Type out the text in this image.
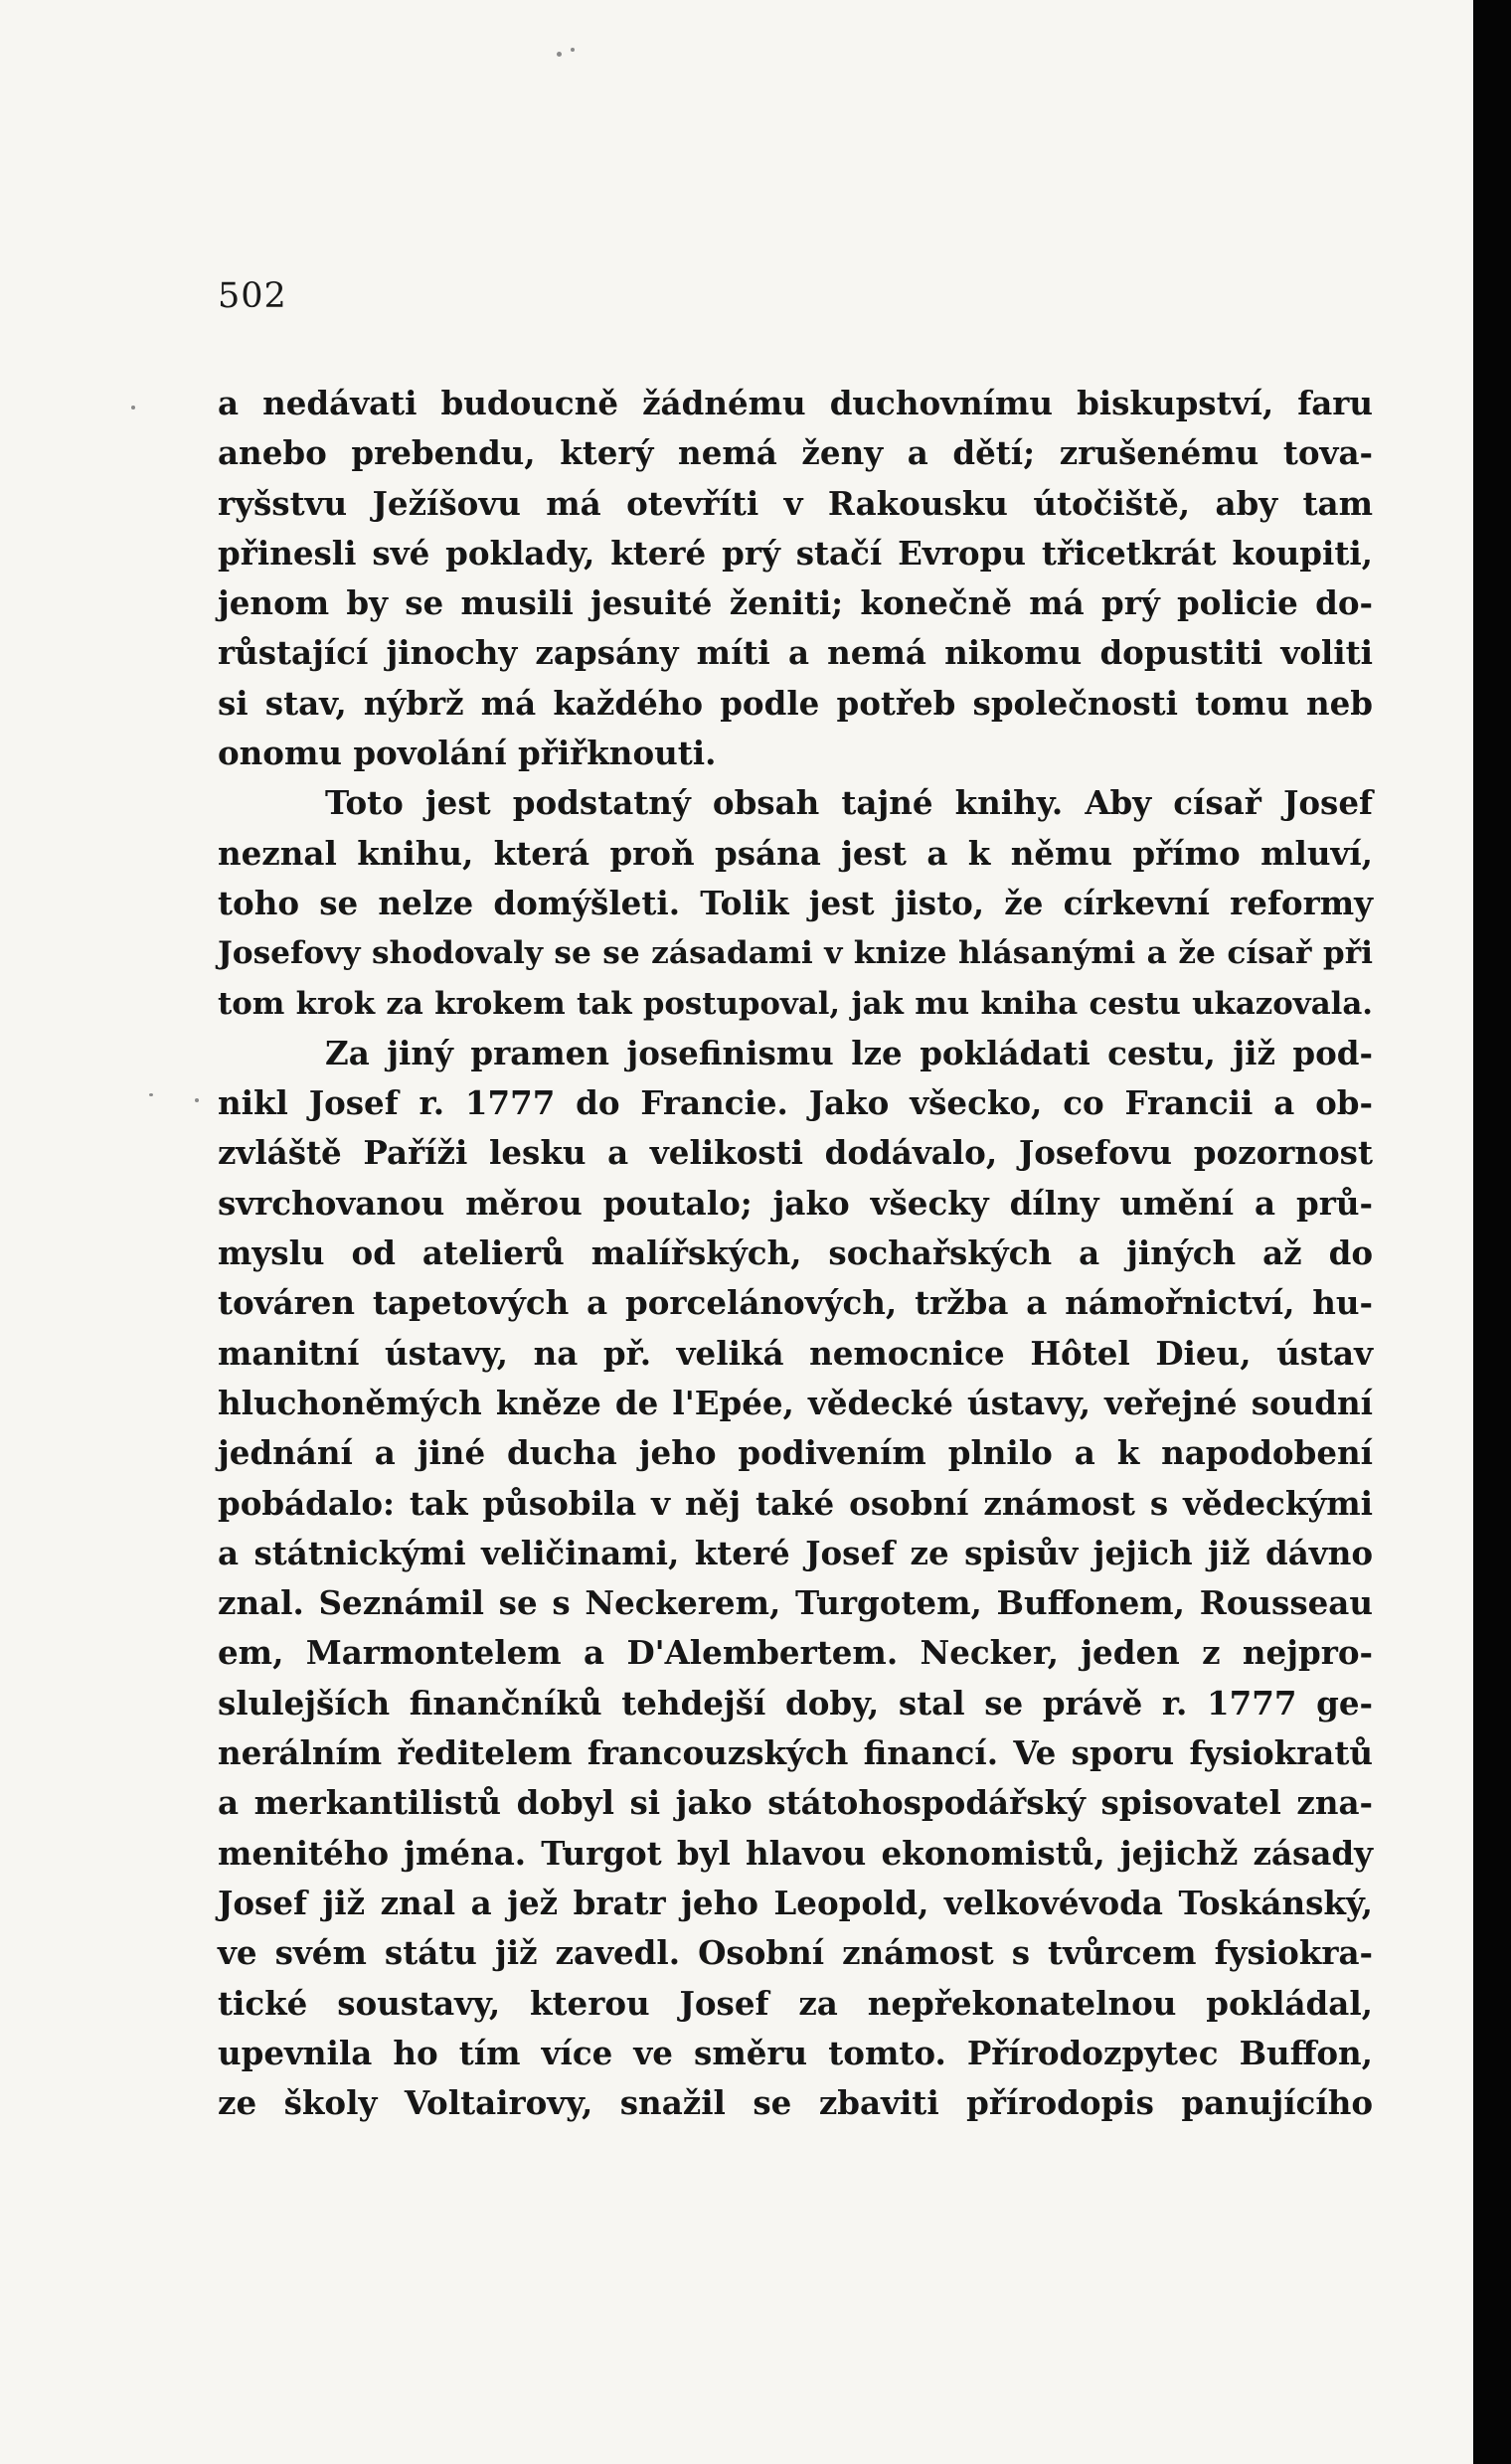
502
a nedávati budoucně žádnému duchovnímu biskupství, faru
anebo prebendu, který nemá ženy a dětí; zrušenému tova-
ryšstvu Ježíšovu má otevříti v Rakousku útočiště, aby tam
přinesli své poklady, které prý stačí Evropu třicetkrát koupiti,
jenom by se musili jesuité ženiti; konečně má prý policie do-
růstající jinochy zapsány míti a nemá nikomu dopustiti voliti
si stav, nýbrž má každého podle potřeb společnosti tomu neb
onomu povolání přiřknouti.
Toto jest podstatný obsah tajné knihy. Aby císař Josef
neznal knihu, která proň psána jest a k němu přímo mluví,
toho se nelze domýšleti. Tolik jest jisto, že církevní reformy
Josefovy shodovaly se se zásadami v knize hlásanými a že císař při
tom krok za krokem tak postupoval, jak mu kniha cestu ukazovala.
Za jiný pramen josefinismu lze pokládati cestu, již pod-
nikl Josef r. 1777 do Francie. Jako všecko, co Francii a ob-
zvláště Paříži lesku a velikosti dodávalo, Josefovu pozornost
svrchovanou měrou poutalo; jako všecky dílny umění a prů-
myslu od atelierů malířských, sochařských a jiných až do
továren tapetových a porcelánových, tržba a námořnictví, hu-
manitní ústavy, na př. veliká nemocnice Hôtel Dieu, ústav
hluchoněmých kněze de l'Epée, vědecké ústavy, veřejné soudní
jednání a jiné ducha jeho podivením plnilo a k napodobení
pobádalo: tak působila v něj také osobní známost s vědeckými
a státnickými veličinami, které Josef ze spisův jejich již dávno
znal. Seznámil se s Neckerem, Turgotem, Buffonem, Rousseau
em, Marmontelem a D'Alembertem. Necker, jeden z nejpro-
slulejších finančníků tehdejší doby, stal se právě r. 1777 ge-
nerálním ředitelem francouzských financí. Ve sporu fysiokratů
a merkantilistů dobyl si jako státohospodářský spisovatel zna-
menitého jména. Turgot byl hlavou ekonomistů, jejichž zásady
Josef již znal a jež bratr jeho Leopold, velkovévoda Toskánský,
ve svém státu již zavedl. Osobní známost s tvůrcem fysiokra-
tické soustavy, kterou Josef za nepřekonatelnou pokládal,
upevnila ho tím více ve směru tomto. Přírodozpytec Buffon,
ze školy Voltairovy, snažil se zbaviti přírodopis panujícího
